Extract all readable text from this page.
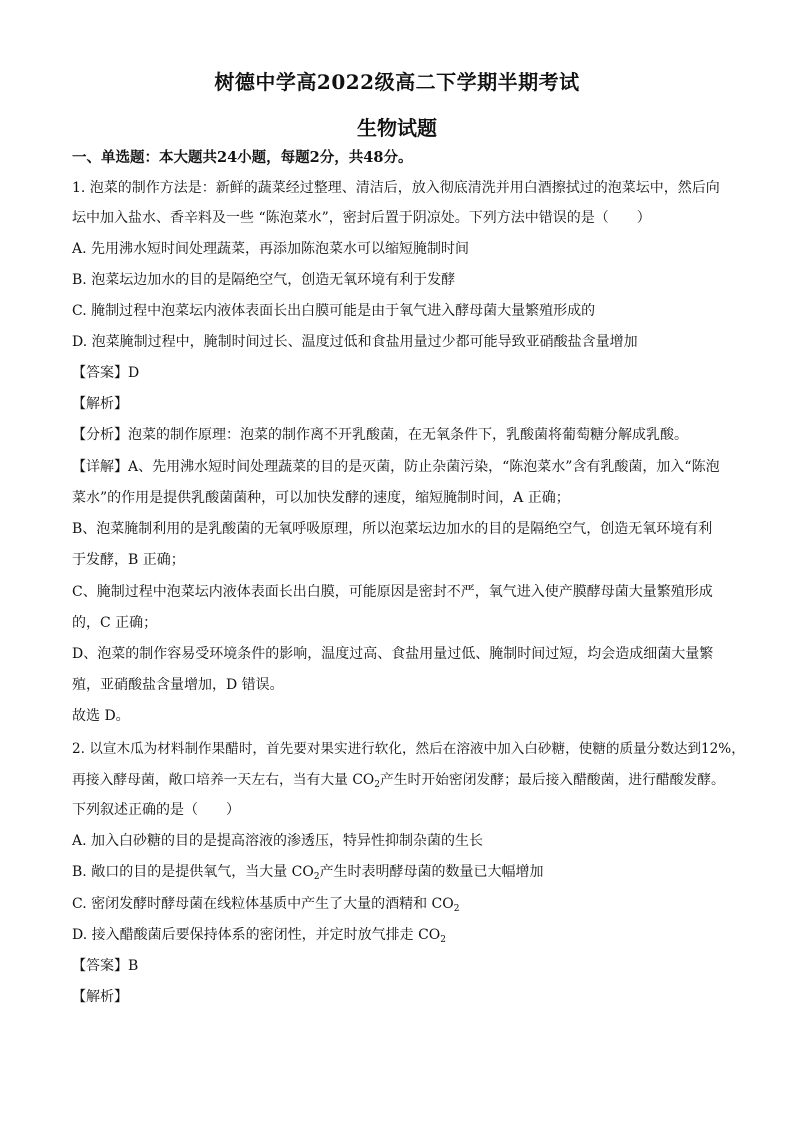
树德中学高2022级高二下学期半期考试
生物试题
一、单选题：本大题共24小题，每题2分，共48分。
1. 泡菜的制作方法是：新鲜的蔬菜经过整理、清洁后，放入彻底清洗并用白酒擦拭过的泡菜坛中，然后向
坛中加入盐水、香辛料及一些 “陈泡菜水”，密封后置于阴凉处。下列方法中错误的是（　　）
A. 先用沸水短时间处理蔬菜，再添加陈泡菜水可以缩短腌制时间
B. 泡菜坛边加水的目的是隔绝空气，创造无氧环境有利于发酵
C. 腌制过程中泡菜坛内液体表面长出白膜可能是由于氧气进入酵母菌大量繁殖形成的
D. 泡菜腌制过程中，腌制时间过长、温度过低和食盐用量过少都可能导致亚硝酸盐含量增加
【答案】D
【解析】
【分析】泡菜的制作原理：泡菜的制作离不开乳酸菌，在无氧条件下，乳酸菌将葡萄糖分解成乳酸。
【详解】A、先用沸水短时间处理蔬菜的目的是灭菌，防止杂菌污染，“陈泡菜水”含有乳酸菌，加入“陈泡
菜水”的作用是提供乳酸菌菌种，可以加快发酵的速度，缩短腌制时间，A 正确；
B、泡菜腌制利用的是乳酸菌的无氧呼吸原理，所以泡菜坛边加水的目的是隔绝空气，创造无氧环境有利
于发酵，B 正确；
C、腌制过程中泡菜坛内液体表面长出白膜，可能原因是密封不严，氧气进入使产膜酵母菌大量繁殖形成
的，C 正确；
D、泡菜的制作容易受环境条件的影响，温度过高、食盐用量过低、腌制时间过短，均会造成细菌大量繁
殖，亚硝酸盐含量增加，D 错误。
故选 D。
2. 以宣木瓜为材料制作果醋时，首先要对果实进行软化，然后在溶液中加入白砂糖，使糖的质量分数达到12%，
再接入酵母菌，敞口培养一天左右，当有大量 $CO_2$产生时开始密闭发酵；最后接入醋酸菌，进行醋酸发酵。
下列叙述正确的是（　　）
A. 加入白砂糖的目的是提高溶液的渗透压，特异性抑制杂菌的生长
B. 敞口的目的是提供氧气，当大量 $CO_2$产生时表明酵母菌的数量已大幅增加
C. 密闭发酵时酵母菌在线粒体基质中产生了大量的酒精和 $CO_2$
D. 接入醋酸菌后要保持体系的密闭性，并定时放气排走 $CO_2$
【答案】B
【解析】
